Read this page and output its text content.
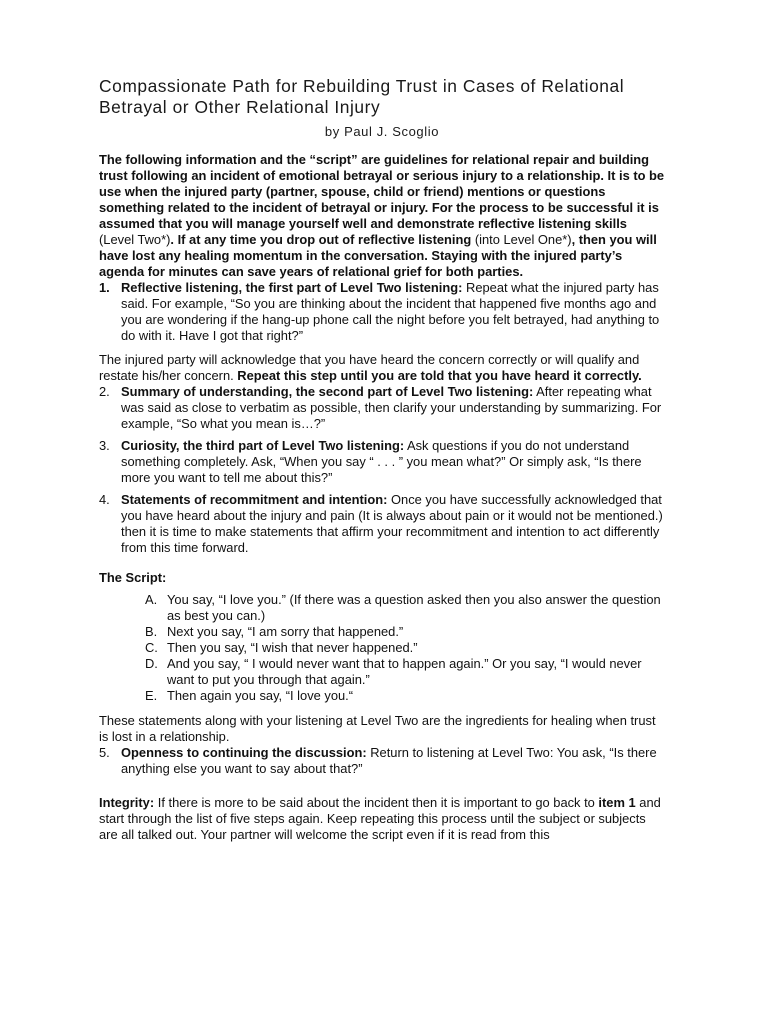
Compassionate Path for Rebuilding Trust in Cases of Relational Betrayal or Other Relational Injury

by Paul J. Scoglio

The following information and the “script” are guidelines for relational repair and building trust following an incident of emotional betrayal or serious injury to a relationship. It is to be use when the injured party (partner, spouse, child or friend) mentions or questions something related to the incident of betrayal or injury. For the process to be successful it is assumed that you will manage yourself well and demonstrate reflective listening skills (Level Two*). If at any time you drop out of reflective listening (into Level One*), then you will have lost any healing momentum in the conversation. Staying with the injured party’s agenda for minutes can save years of relational grief for both parties.

1. Reflective listening, the first part of Level Two listening: Repeat what the injured party has said. For example, “So you are thinking about the incident that happened five months ago and you are wondering if the hang-up phone call the night before you felt betrayed, had anything to do with it. Have I got that right?”

The injured party will acknowledge that you have heard the concern correctly or will qualify and restate his/her concern. Repeat this step until you are told that you have heard it correctly.

2. Summary of understanding, the second part of Level Two listening: After repeating what was said as close to verbatim as possible, then clarify your understanding by summarizing. For example, “So what you mean is…?”
3. Curiosity, the third part of Level Two listening: Ask questions if you do not understand something completely. Ask, “When you say “ . . . ” you mean what?” Or simply ask, “Is there more you want to tell me about this?”
4. Statements of recommitment and intention: Once you have successfully acknowledged that you have heard about the injury and pain (It is always about pain or it would not be mentioned.) then it is time to make statements that affirm your recommitment and intention to act differently from this time forward.

The Script:

A. You say, “I love you.” (If there was a question asked then you also answer the question as best you can.)
B. Next you say, “I am sorry that happened.”
C. Then you say, “I wish that never happened.”
D. And you say, “ I would never want that to happen again.” Or you say, “I would never want to put you through that again.”
E. Then again you say, “I love you.“

These statements along with your listening at Level Two are the ingredients for healing when trust is lost in a relationship.

5. Openness to continuing the discussion: Return to listening at Level Two: You ask, “Is there anything else you want to say about that?”

Integrity: If there is more to be said about the incident then it is important to go back to item 1 and start through the list of five steps again. Keep repeating this process until the subject or subjects are all talked out. Your partner will welcome the script even if it is read from this
